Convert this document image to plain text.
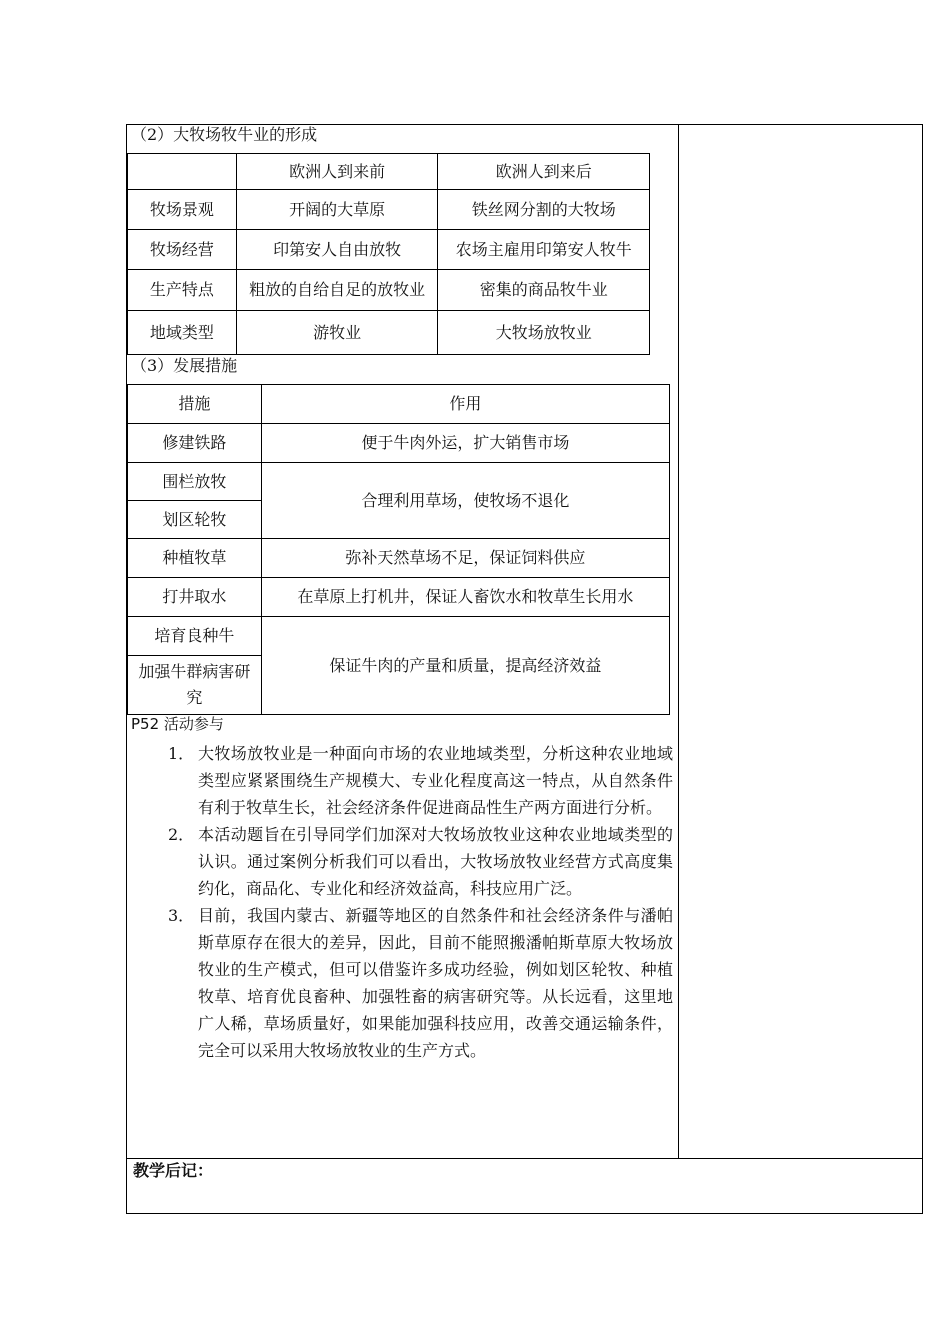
（2）大牧场牧牛业的形成
	欧洲人到来前	欧洲人到来后
牧场景观	开阔的大草原	铁丝网分割的大牧场
牧场经营	印第安人自由放牧	农场主雇用印第安人牧牛
生产特点	粗放的自给自足的放牧业	密集的商品牧牛业
地域类型	游牧业	大牧场放牧业
（3）发展措施
措施	作用
修建铁路	便于牛肉外运，扩大销售市场
围栏放牧	合理利用草场，使牧场不退化
划区轮牧	
种植牧草	弥补天然草场不足，保证饲料供应
打井取水	在草原上打机井，保证人畜饮水和牧草生长用水
培育良种牛	保证牛肉的产量和质量，提高经济效益
加强牛群病害研究	
P52 活动参与
1． 大牧场放牧业是一种面向市场的农业地域类型，分析这种农业地域类型应紧紧围绕生产规模大、专业化程度高这一特点，从自然条件有利于牧草生长，社会经济条件促进商品性生产两方面进行分析。
2． 本活动题旨在引导同学们加深对大牧场放牧业这种农业地域类型的认识。通过案例分析我们可以看出，大牧场放牧业经营方式高度集约化，商品化、专业化和经济效益高，科技应用广泛。
3． 目前，我国内蒙古、新疆等地区的自然条件和社会经济条件与潘帕斯草原存在很大的差异，因此，目前不能照搬潘帕斯草原大牧场放牧业的生产模式，但可以借鉴许多成功经验，例如划区轮牧、种植牧草、培育优良畜种、加强牲畜的病害研究等。从长远看，这里地广人稀，草场质量好，如果能加强科技应用，改善交通运输条件，完全可以采用大牧场放牧业的生产方式。
教学后记：
